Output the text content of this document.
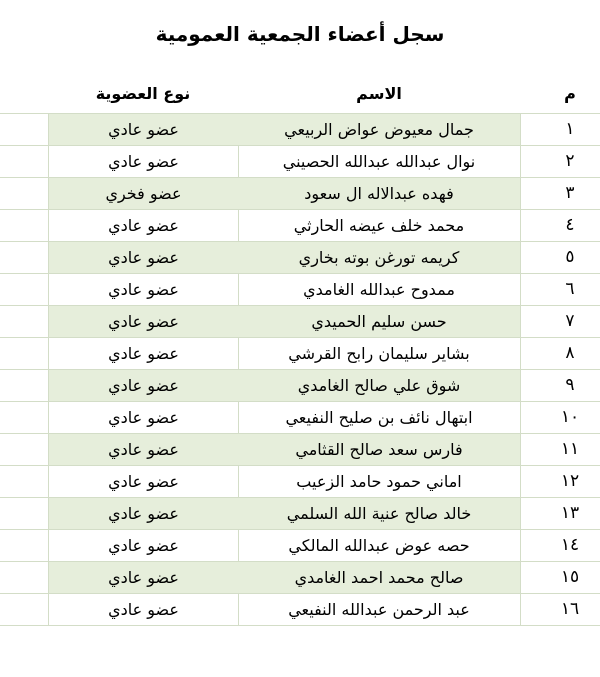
سجل أعضاء الجمعية العمومية
نوع العضوية	الاسم	م
عضو عادي	جمال معيوض عواض الربيعي	١
عضو عادي	نوال عبدالله عبدالله الحصيني	٢
عضو فخري	فهده عبدالاله ال سعود	٣
عضو عادي	محمد خلف عيضه الحارثي	٤
عضو عادي	كريمه تورغن بوته بخاري	٥
عضو عادي	ممدوح عبدالله الغامدي	٦
عضو عادي	حسن سليم الحميدي	٧
عضو عادي	بشاير سليمان رابح القرشي	٨
عضو عادي	شوق علي صالح الغامدي	٩
عضو عادي	ابتهال نائف بن صليح النفيعي	١٠
عضو عادي	فارس سعد صالح القثامي	١١
عضو عادي	اماني حمود حامد الزعيب	١٢
عضو عادي	خالد صالح عنية الله السلمي	١٣
عضو عادي	حصه عوض عبدالله المالكي	١٤
عضو عادي	صالح محمد احمد الغامدي	١٥
عضو عادي	عبد الرحمن عبدالله النفيعي	١٦
